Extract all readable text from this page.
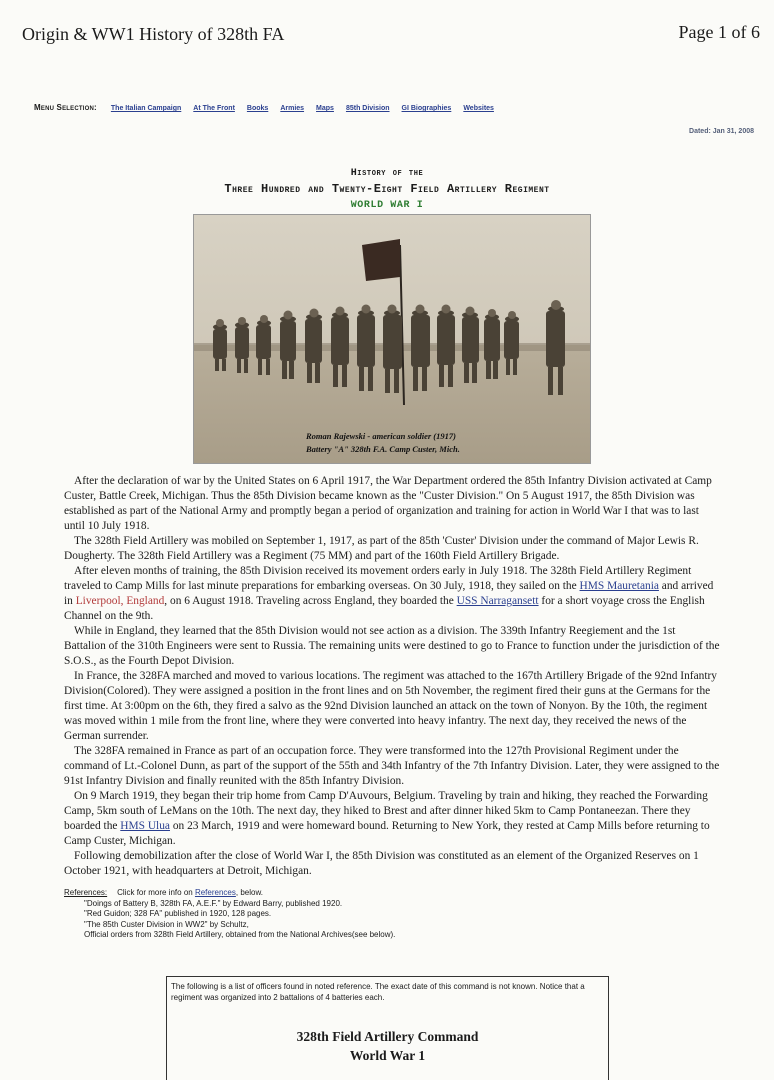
Origin & WW1 History of 328th FA	Page 1 of 6
Menu Selection: The Italian Campaign At The Front Books Armies Maps 85th Division GI Biographies Websites
Dated: Jan 31, 2008
History of the
Three Hundred and Twenty-Eight Field Artillery Regiment
WORLD WAR I
Roman Rajewski - american soldier (1917)
Battery "A" 328th F.A. Camp Custer, Mich.

After the declaration of war by the United States on 6 April 1917, the War Department ordered the 85th Infantry Division activated at Camp Custer, Battle Creek, Michigan. Thus the 85th Division became known as the "Custer Division." On 5 August 1917, the 85th Division was established as part of the National Army and promptly began a period of organization and training for action in World War I that was to last until 10 July 1918.

The 328th Field Artillery was mobiled on September 1, 1917, as part of the 85th 'Custer' Division under the command of Major Lewis R. Dougherty. The 328th Field Artillery was a Regiment (75 MM) and part of the 160th Field Artillery Brigade.

After eleven months of training, the 85th Division received its movement orders early in July 1918. The 328th Field Artillery Regiment traveled to Camp Mills for last minute preparations for embarking overseas. On 30 July, 1918, they sailed on the HMS Mauretania and arrived in Liverpool, England, on 6 August 1918. Traveling across England, they boarded the USS Narragansett for a short voyage cross the English Channel on the 9th.

While in England, they learned that the 85th Division would not see action as a division. The 339th Infantry Reegiement and the 1st Battalion of the 310th Engineers were sent to Russia. The remaining units were destined to go to France to function under the jurisdiction of the S.O.S., as the Fourth Depot Division.

In France, the 328FA marched and moved to various locations. The regiment was attached to the 167th Artillery Brigade of the 92nd Infantry Division(Colored). They were assigned a position in the front lines and on 5th November, the regiment fired their guns at the Germans for the first time. At 3:00pm on the 6th, they fired a salvo as the 92nd Division launched an attack on the town of Nonyon. By the 10th, the regiment was moved within 1 mile from the front line, where they were converted into heavy infantry. The next day, they received the news of the German surrender.

The 328FA remained in France as part of an occupation force. They were transformed into the 127th Provisional Regiment under the command of Lt.-Colonel Dunn, as part of the support of the 55th and 34th Infantry of the 7th Infantry Division. Later, they were assigned to the 91st Infantry Division and finally reunited with the 85th Infantry Division.

On 9 March 1919, they began their trip home from Camp D'Auvours, Belgium. Traveling by train and hiking, they reached the Forwarding Camp, 5km south of LeMans on the 10th. The next day, they hiked to Brest and after dinner hiked 5km to Camp Pontaneezan. There they boarded the HMS Ulua on 23 March, 1919 and were homeward bound. Returning to New York, they rested at Camp Mills before returning to Camp Custer, Michigan.

Following demobilization after the close of World War I, the 85th Division was constituted as an element of the Organized Reserves on 1 October 1921, with headquarters at Detroit, Michigan.

References: Click for more info on References, below.
"Doings of Battery B, 328th FA, A.E.F." by Edward Barry, published 1920.
"Red Guidon; 328 FA" published in 1920, 128 pages.
"The 85th Custer Division in WW2" by Schultz,
Official orders from 328th Field Artillery, obtained from the National Archives(see below).
The following is a list of officers found in noted reference. The exact date of this command is not known. Notice that a regiment was organized into 2 battalions of 4 batteries each.
328th Field Artillery Command
World War 1
